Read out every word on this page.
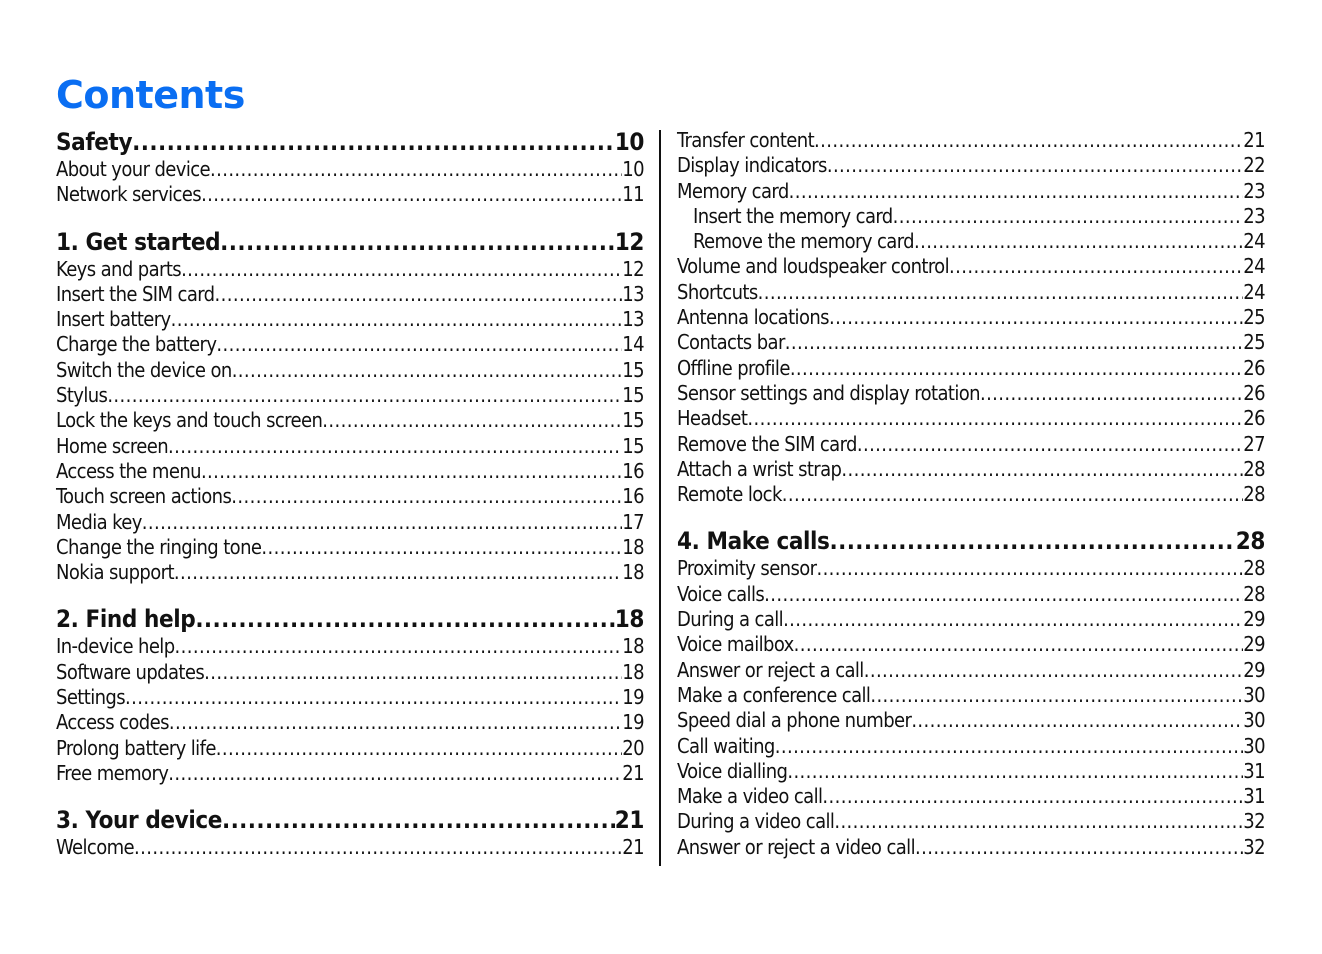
Contents
Safety .....	10
About your device .....	10
Network services .....	11
1. Get started .....	12
Keys and parts .....	12
Insert the SIM card .....	13
Insert battery .....	13
Charge the battery .....	14
Switch the device on .....	15
Stylus .....	15
Lock the keys and touch screen .....	15
Home screen .....	15
Access the menu .....	16
Touch screen actions .....	16
Media key .....	17
Change the ringing tone .....	18
Nokia support .....	18
2. Find help .....	18
In-device help .....	18
Software updates .....	18
Settings .....	19
Access codes .....	19
Prolong battery life .....	20
Free memory .....	21
3. Your device .....	21
Welcome .....	21
Transfer content .....	21
Display indicators .....	22
Memory card .....	23
Insert the memory card .....	23
Remove the memory card .....	24
Volume and loudspeaker control .....	24
Shortcuts .....	24
Antenna locations .....	25
Contacts bar .....	25
Offline profile .....	26
Sensor settings and display rotation .....	26
Headset .....	26
Remove the SIM card .....	27
Attach a wrist strap .....	28
Remote lock .....	28
4. Make calls .....	28
Proximity sensor .....	28
Voice calls .....	28
During a call .....	29
Voice mailbox .....	29
Answer or reject a call .....	29
Make a conference call .....	30
Speed dial a phone number .....	30
Call waiting .....	30
Voice dialling .....	31
Make a video call .....	31
During a video call .....	32
Answer or reject a video call .....	32
